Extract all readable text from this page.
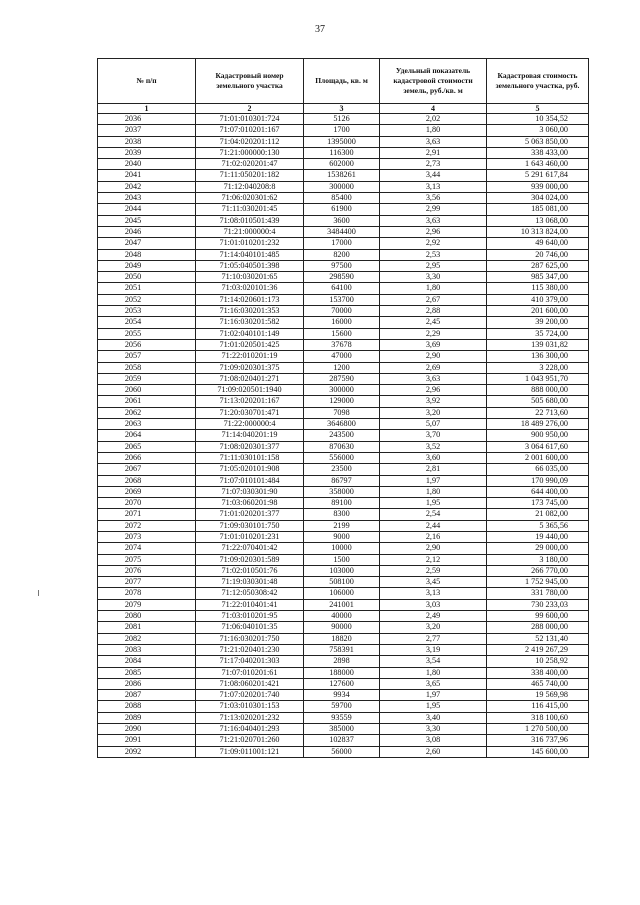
37
№ п/п	Кадастровый номер земельного участка	Площадь, кв. м	Удельный показатель кадастровой стоимости земель, руб./кв. м	Кадастровая стоимость земельного участка, руб.
1	2	3	4	5
2036	71:01:010301:724	5126	2,02	10 354,52
2037	71:07:010201:167	1700	1,80	3 060,00
2038	71:04:020201:112	1395000	3,63	5 063 850,00
2039	71:21:000000:130	116300	2,91	338 433,00
2040	71:02:020201:47	602000	2,73	1 643 460,00
2041	71:11:050201:182	1538261	3,44	5 291 617,84
2042	71:12:040208:8	300000	3,13	939 000,00
2043	71:06:020301:62	85400	3,56	304 024,00
2044	71:11:030201:45	61900	2,99	185 081,00
2045	71:08:010501:439	3600	3,63	13 068,00
2046	71:21:000000:4	3484400	2,96	10 313 824,00
2047	71:01:010201:232	17000	2,92	49 640,00
2048	71:14:040101:485	8200	2,53	20 746,00
2049	71:05:040501:398	97500	2,95	287 625,00
2050	71:10:030201:65	298590	3,30	985 347,00
2051	71:03:020101:36	64100	1,80	115 380,00
2052	71:14:020601:173	153700	2,67	410 379,00
2053	71:16:030201:353	70000	2,88	201 600,00
2054	71:16:030201:582	16000	2,45	39 200,00
2055	71:02:040101:149	15600	2,29	35 724,00
2056	71:01:020501:425	37678	3,69	139 031,82
2057	71:22:010201:19	47000	2,90	136 300,00
2058	71:09:020301:375	1200	2,69	3 228,00
2059	71:08:020401:271	287590	3,63	1 043 951,70
2060	71:09:020501:1940	300000	2,96	888 000,00
2061	71:13:020201:167	129000	3,92	505 680,00
2062	71:20:030701:471	7098	3,20	22 713,60
2063	71:22:000000:4	3646800	5,07	18 489 276,00
2064	71:14:040201:19	243500	3,70	900 950,00
2065	71:08:020301:377	870630	3,52	3 064 617,60
2066	71:11:030101:158	556000	3,60	2 001 600,00
2067	71:05:020101:908	23500	2,81	66 035,00
2068	71:07:010101:484	86797	1,97	170 990,09
2069	71:07:030301:90	358000	1,80	644 400,00
2070	71:03:060201:98	89100	1,95	173 745,00
2071	71:01:020201:377	8300	2,54	21 082,00
2072	71:09:030101:750	2199	2,44	5 365,56
2073	71:01:010201:231	9000	2,16	19 440,00
2074	71:22:070401:42	10000	2,90	29 000,00
2075	71:09:020301:589	1500	2,12	3 180,00
2076	71:02:010501:76	103000	2,59	266 770,00
2077	71:19:030301:48	508100	3,45	1 752 945,00
2078	71:12:050308:42	106000	3,13	331 780,00
2079	71:22:010401:41	241001	3,03	730 233,03
2080	71:03:010201:95	40000	2,49	99 600,00
2081	71:06:040101:35	90000	3,20	288 000,00
2082	71:16:030201:750	18820	2,77	52 131,40
2083	71:21:020401:230	758391	3,19	2 419 267,29
2084	71:17:040201:303	2898	3,54	10 258,92
2085	71:07:010201:61	188000	1,80	338 400,00
2086	71:08:060201:421	127600	3,65	465 740,00
2087	71:07:020201:740	9934	1,97	19 569,98
2088	71:03:010301:153	59700	1,95	116 415,00
2089	71:13:020201:232	93559	3,40	318 100,60
2090	71:16:040401:293	385000	3,30	1 270 500,00
2091	71:21:020701:260	102837	3,08	316 737,96
2092	71:09:011001:121	56000	2,60	145 600,00
